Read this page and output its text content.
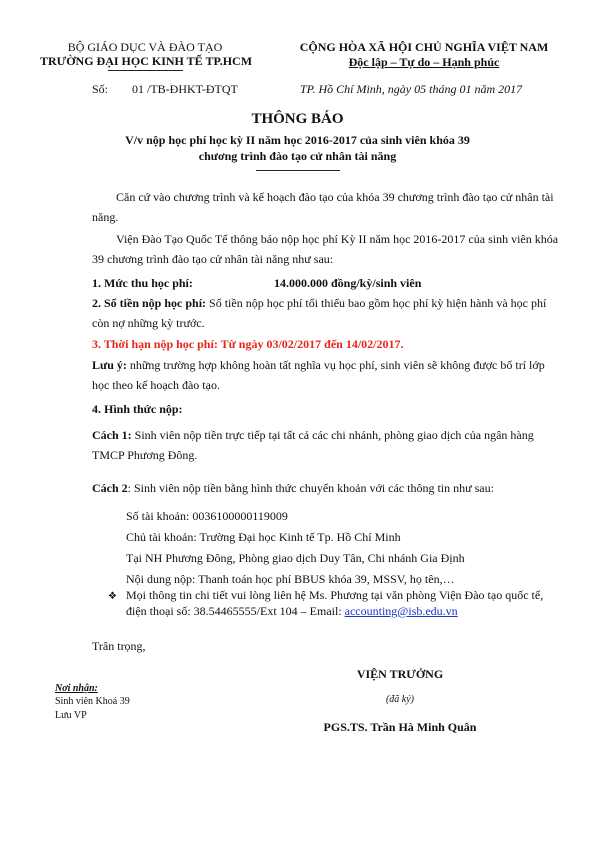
BỘ GIÁO DỤC VÀ ĐÀO TẠO
TRƯỜNG ĐẠI HỌC KINH TẾ TP.HCM
CỘNG HÒA XÃ HỘI CHỦ NGHĨA VIỆT NAM
Độc lập – Tự do – Hạnh phúc
Số: 01 /TB-ĐHKT-ĐTQT	TP. Hồ Chí Minh, ngày 05 tháng 01 năm 2017
THÔNG BÁO
V/v nộp học phí học kỳ II năm học 2016-2017 của sinh viên khóa 39
chương trình đào tạo cử nhân tài năng
Căn cứ vào chương trình và kế hoạch đào tạo của khóa 39 chương trình đào tạo cử nhân tài năng.
Viện Đào Tạo Quốc Tế thông báo nộp học phí Kỳ II năm học 2016-2017 của sinh viên khóa 39 chương trình đào tạo cử nhân tài năng như sau:
1. Mức thu học phí:	14.000.000 đồng/kỳ/sinh viên
2. Số tiền nộp học phí: Số tiền nộp học phí tối thiểu bao gồm học phí kỳ hiện hành và học phí còn nợ những kỳ trước.
3. Thời hạn nộp học phí: Từ ngày 03/02/2017 đến 14/02/2017.
Lưu ý: những trường hợp không hoàn tất nghĩa vụ học phí, sinh viên sẽ không được bố trí lớp học theo kế hoạch đào tạo.
4. Hình thức nộp:
Cách 1: Sinh viên nộp tiền trực tiếp tại tất cả các chi nhánh, phòng giao dịch của ngân hàng TMCP Phương Đông.
Cách 2: Sinh viên nộp tiền bằng hình thức chuyển khoản với các thông tin như sau:
Số tài khoản: 0036100000119009
Chủ tài khoản: Trường Đại học Kinh tế Tp. Hồ Chí Minh
Tại NH Phương Đông, Phòng giao dịch Duy Tân, Chi nhánh Gia Định
Nội dung nộp: Thanh toán học phí BBUS khóa 39, MSSV, họ tên,…
❖ Mọi thông tin chi tiết vui lòng liên hệ Ms. Phương tại văn phòng Viện Đào tạo quốc tế, điện thoại số: 38.54465555/Ext 104 – Email: accounting@isb.edu.vn
Trân trọng,
VIỆN TRƯỞNG
(đã ký)
PGS.TS. Trần Hà Minh Quân
Nơi nhận:
Sinh viên Khoá 39
Lưu VP
